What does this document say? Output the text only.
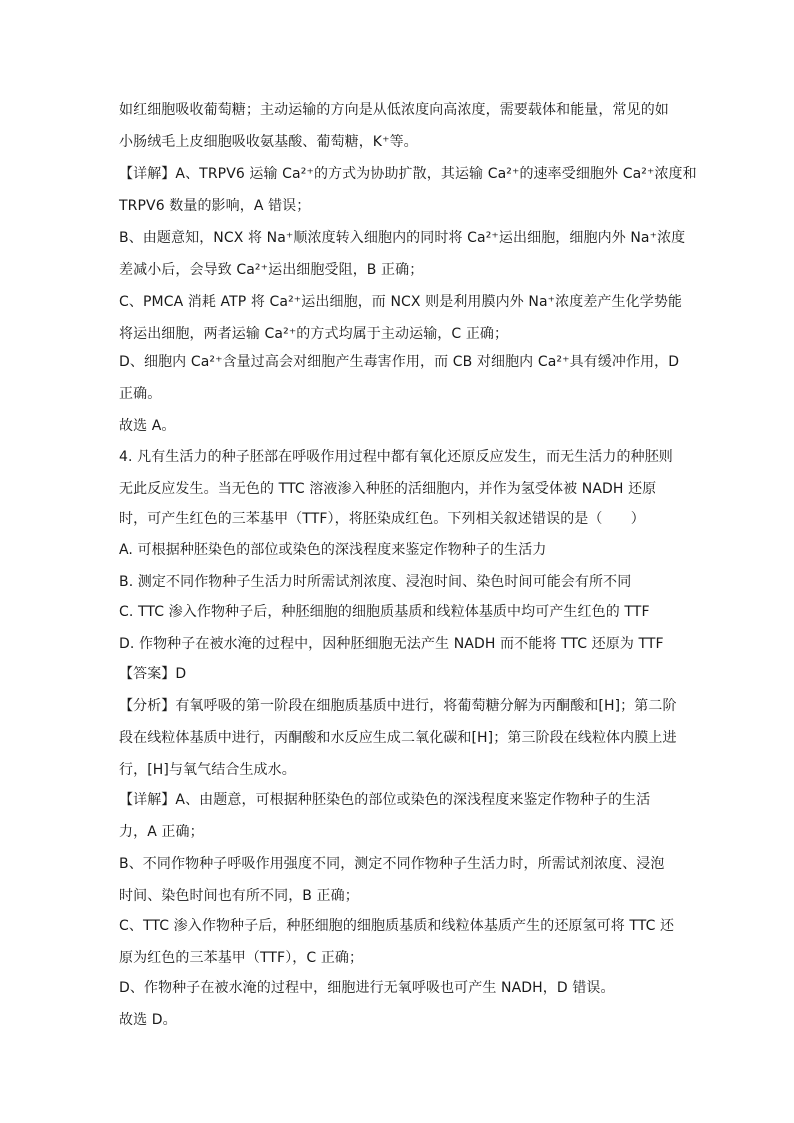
如红细胞吸收葡萄糖；主动运输的方向是从低浓度向高浓度，需要载体和能量，常见的如
小肠绒毛上皮细胞吸收氨基酸、葡萄糖，K⁺等。
【详解】A、TRPV6 运输 Ca²⁺的方式为协助扩散，其运输 Ca²⁺的速率受细胞外 Ca²⁺浓度和
TRPV6 数量的影响，A 错误；
B、由题意知，NCX 将 Na⁺顺浓度转入细胞内的同时将 Ca²⁺运出细胞，细胞内外 Na⁺浓度
差减小后，会导致 Ca²⁺运出细胞受阻，B 正确；
C、PMCA 消耗 ATP 将 Ca²⁺运出细胞，而 NCX 则是利用膜内外 Na⁺浓度差产生化学势能
将运出细胞，两者运输 Ca²⁺的方式均属于主动运输，C 正确；
D、细胞内 Ca²⁺含量过高会对细胞产生毒害作用，而 CB 对细胞内 Ca²⁺具有缓冲作用，D
正确。
故选 A。
4. 凡有生活力的种子胚部在呼吸作用过程中都有氧化还原反应发生，而无生活力的种胚则
无此反应发生。当无色的 TTC 溶液渗入种胚的活细胞内，并作为氢受体被 NADH 还原
时，可产生红色的三苯基甲（TTF），将胚染成红色。下列相关叙述错误的是（　　）
A. 可根据种胚染色的部位或染色的深浅程度来鉴定作物种子的生活力
B. 测定不同作物种子生活力时所需试剂浓度、浸泡时间、染色时间可能会有所不同
C. TTC 渗入作物种子后，种胚细胞的细胞质基质和线粒体基质中均可产生红色的 TTF
D. 作物种子在被水淹的过程中，因种胚细胞无法产生 NADH 而不能将 TTC 还原为 TTF
【答案】D
【分析】有氧呼吸的第一阶段在细胞质基质中进行，将葡萄糖分解为丙酮酸和[H]；第二阶
段在线粒体基质中进行，丙酮酸和水反应生成二氧化碳和[H]；第三阶段在线粒体内膜上进
行，[H]与氧气结合生成水。
【详解】A、由题意，可根据种胚染色的部位或染色的深浅程度来鉴定作物种子的生活
力，A 正确；
B、不同作物种子呼吸作用强度不同，测定不同作物种子生活力时，所需试剂浓度、浸泡
时间、染色时间也有所不同，B 正确；
C、TTC 渗入作物种子后，种胚细胞的细胞质基质和线粒体基质产生的还原氢可将 TTC 还
原为红色的三苯基甲（TTF），C 正确；
D、作物种子在被水淹的过程中，细胞进行无氧呼吸也可产生 NADH，D 错误。
故选 D。
